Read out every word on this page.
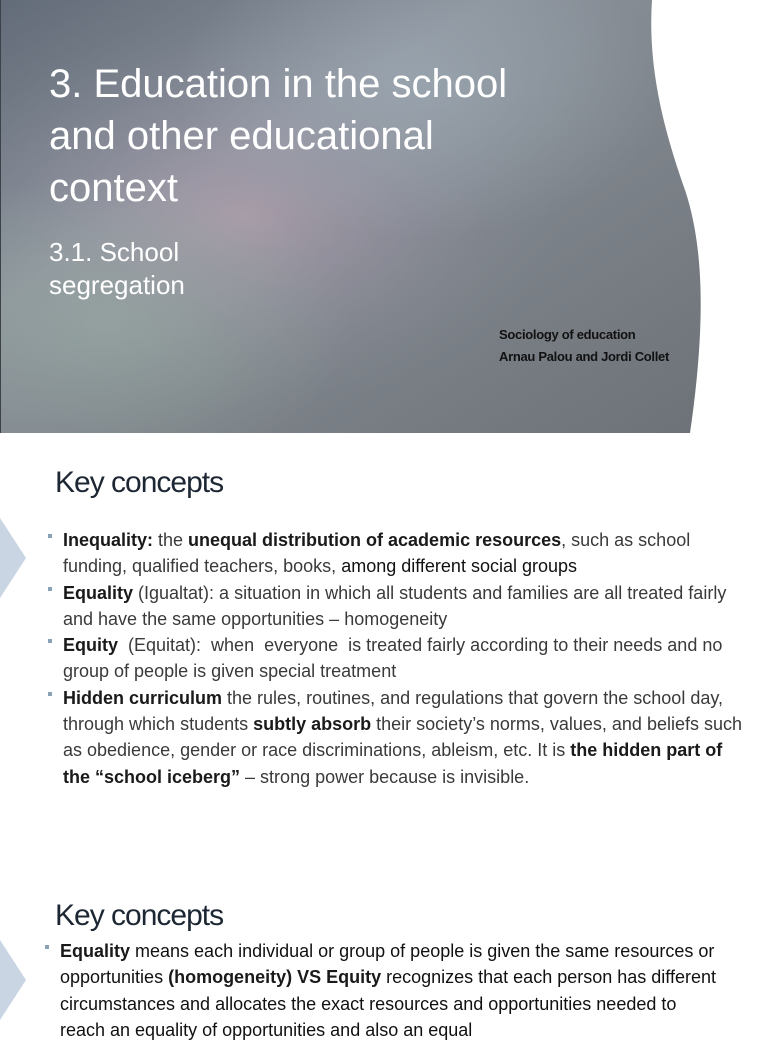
3. Education in the school
and other educational
context
3.1. School
segregation
Sociology of education
Arnau Palou and Jordi Collet
Key concepts
Inequality: the unequal distribution of academic resources, such as school funding, qualified teachers, books, among different social groups
Equality (Igualtat): a situation in which all students and families are all treated fairly and have the same opportunities – homogeneity
Equity  (Equitat):  when  everyone  is treated fairly according to their needs and no group of people is given special treatment
Hidden curriculum the rules, routines, and regulations that govern the school day, through which students subtly absorb their society’s norms, values, and beliefs such as obedience, gender or race discriminations, ableism, etc. It is the hidden part of the “school iceberg” – strong power because is invisible.
Key concepts
Equality means each individual or group of people is given the same resources or opportunities (homogeneity) VS Equity recognizes that each person has different circumstances and allocates the exact resources and opportunities needed to reach an equality of opportunities and also an equal
